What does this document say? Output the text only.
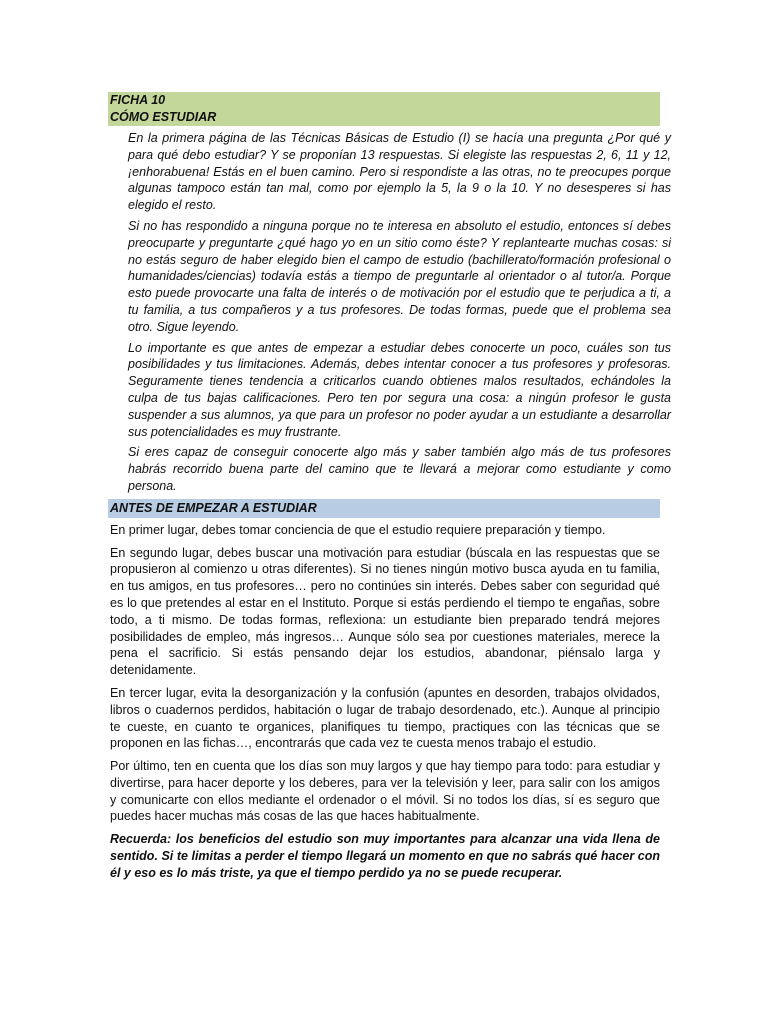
FICHA 10
CÓMO ESTUDIAR

En la primera página de las Técnicas Básicas de Estudio (I) se hacía una pregunta ¿Por qué y para qué debo estudiar? Y se proponían 13 respuestas. Si elegiste las respuestas 2, 6, 11 y 12, ¡enhorabuena! Estás en el buen camino. Pero si respondiste a las otras, no te preocupes porque algunas tampoco están tan mal, como por ejemplo la 5, la 9 o la 10. Y no desesperes si has elegido el resto.

Si no has respondido a ninguna porque no te interesa en absoluto el estudio, entonces sí debes preocuparte y preguntarte ¿qué hago yo en un sitio como éste? Y replantearte muchas cosas: si no estás seguro de haber elegido bien el campo de estudio (bachillerato/formación profesional o humanidades/ciencias) todavía estás a tiempo de preguntarle al orientador o al tutor/a. Porque esto puede provocarte una falta de interés o de motivación por el estudio que te perjudica a ti, a tu familia, a tus compañeros y a tus profesores. De todas formas, puede que el problema sea otro. Sigue leyendo.

Lo importante es que antes de empezar a estudiar debes conocerte un poco, cuáles son tus posibilidades y tus limitaciones. Además, debes intentar conocer a tus profesores y profesoras. Seguramente tienes tendencia a criticarlos cuando obtienes malos resultados, echándoles la culpa de tus bajas calificaciones. Pero ten por segura una cosa: a ningún profesor le gusta suspender a sus alumnos, ya que para un profesor no poder ayudar a un estudiante a desarrollar sus potencialidades es muy frustrante.

Si eres capaz de conseguir conocerte algo más y saber también algo más de tus profesores habrás recorrido buena parte del camino que te llevará a mejorar como estudiante y como persona.

ANTES DE EMPEZAR A ESTUDIAR

En primer lugar, debes tomar conciencia de que el estudio requiere preparación y tiempo.

En segundo lugar, debes buscar una motivación para estudiar (búscala en las respuestas que se propusieron al comienzo u otras diferentes). Si no tienes ningún motivo busca ayuda en tu familia, en tus amigos, en tus profesores… pero no continúes sin interés. Debes saber con seguridad qué es lo que pretendes al estar en el Instituto. Porque si estás perdiendo el tiempo te engañas, sobre todo, a ti mismo. De todas formas, reflexiona: un estudiante bien preparado tendrá mejores posibilidades de empleo, más ingresos… Aunque sólo sea por cuestiones materiales, merece la pena el sacrificio. Si estás pensando dejar los estudios, abandonar, piénsalo larga y detenidamente.

En tercer lugar, evita la desorganización y la confusión (apuntes en desorden, trabajos olvidados, libros o cuadernos perdidos, habitación o lugar de trabajo desordenado, etc.). Aunque al principio te cueste, en cuanto te organices, planifiques tu tiempo, practiques con las técnicas que se proponen en las fichas…, encontrarás que cada vez te cuesta menos trabajo el estudio.

Por último, ten en cuenta que los días son muy largos y que hay tiempo para todo: para estudiar y divertirse, para hacer deporte y los deberes, para ver la televisión y leer, para salir con los amigos y comunicarte con ellos mediante el ordenador o el móvil. Si no todos los días, sí es seguro que puedes hacer muchas más cosas de las que haces habitualmente.

Recuerda: los beneficios del estudio son muy importantes para alcanzar una vida llena de sentido. Si te limitas a perder el tiempo llegará un momento en que no sabrás qué hacer con él y eso es lo más triste, ya que el tiempo perdido ya no se puede recuperar.
